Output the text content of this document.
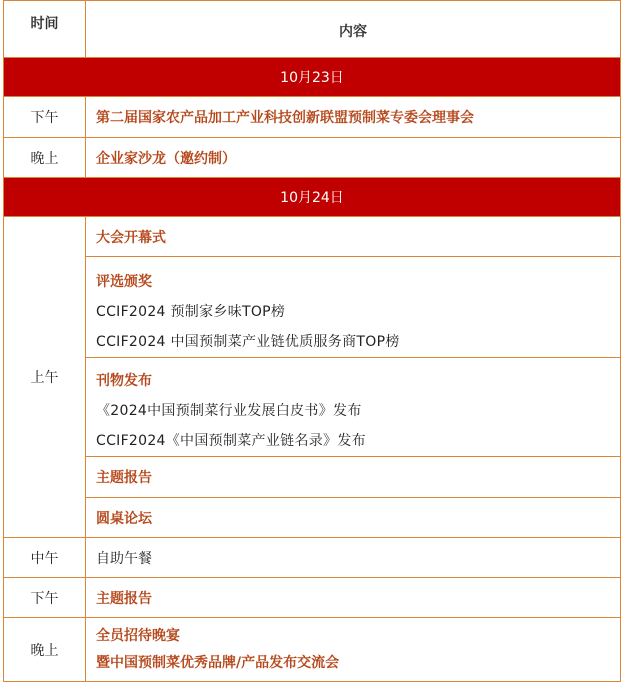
时间	内容
10月23日	
下午	第二届国家农产品加工产业科技创新联盟预制菜专委会理事会
晚上	企业家沙龙（邀约制）
10月24日	
上午	大会开幕式

	评选颁奖
CCIF2024 预制家乡味TOP榜
CCIF2024 中国预制菜产业链优质服务商TOP榜

	刊物发布
《2024中国预制菜行业发展白皮书》发布
CCIF2024《中国预制菜产业链名录》发布

	主题报告
	圆桌论坛
中午	自助午餐
下午	主题报告
晚上	全员招待晚宴
暨中国预制菜优秀品牌/产品发布交流会
